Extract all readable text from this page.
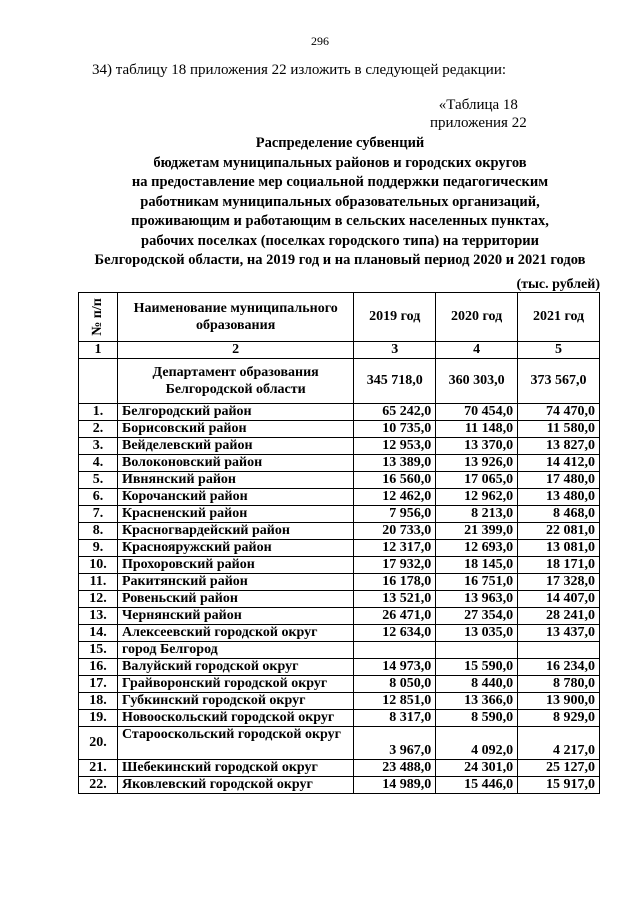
296
34) таблицу 18 приложения 22 изложить в следующей редакции:
«Таблица 18
приложения 22
Распределение субвенций
бюджетам муниципальных районов и городских округов
на предоставление мер социальной поддержки педагогическим
работникам муниципальных образовательных организаций,
проживающим и работающим в сельских населенных пунктах,
рабочих поселках (поселках городского типа) на территории
Белгородской области, на 2019 год и на плановый период 2020 и 2021 годов
(тыс. рублей)
№ п/п	Наименование муниципального образования	2019 год	2020 год	2021 год
1	2	3	4	5
	Департамент образования Белгородской области	345 718,0	360 303,0	373 567,0
1.	Белгородский район	65 242,0	70 454,0	74 470,0
2.	Борисовский район	10 735,0	11 148,0	11 580,0
3.	Вейделевский район	12 953,0	13 370,0	13 827,0
4.	Волоконовский район	13 389,0	13 926,0	14 412,0
5.	Ивнянский район	16 560,0	17 065,0	17 480,0
6.	Корочанский район	12 462,0	12 962,0	13 480,0
7.	Красненский район	7 956,0	8 213,0	8 468,0
8.	Красногвардейский район	20 733,0	21 399,0	22 081,0
9.	Краснояружский район	12 317,0	12 693,0	13 081,0
10.	Прохоровский район	17 932,0	18 145,0	18 171,0
11.	Ракитянский район	16 178,0	16 751,0	17 328,0
12.	Ровеньский район	13 521,0	13 963,0	14 407,0
13.	Чернянский район	26 471,0	27 354,0	28 241,0
14.	Алексеевский городской округ	12 634,0	13 035,0	13 437,0
15.	город Белгород			
16.	Валуйский городской округ	14 973,0	15 590,0	16 234,0
17.	Грайворонский городской округ	8 050,0	8 440,0	8 780,0
18.	Губкинский городской округ	12 851,0	13 366,0	13 900,0
19.	Новооскольский городской округ	8 317,0	8 590,0	8 929,0
20.	Старооскольский городской округ	3 967,0	4 092,0	4 217,0
21.	Шебекинский городской округ	23 488,0	24 301,0	25 127,0
22.	Яковлевский городской округ	14 989,0	15 446,0	15 917,0
